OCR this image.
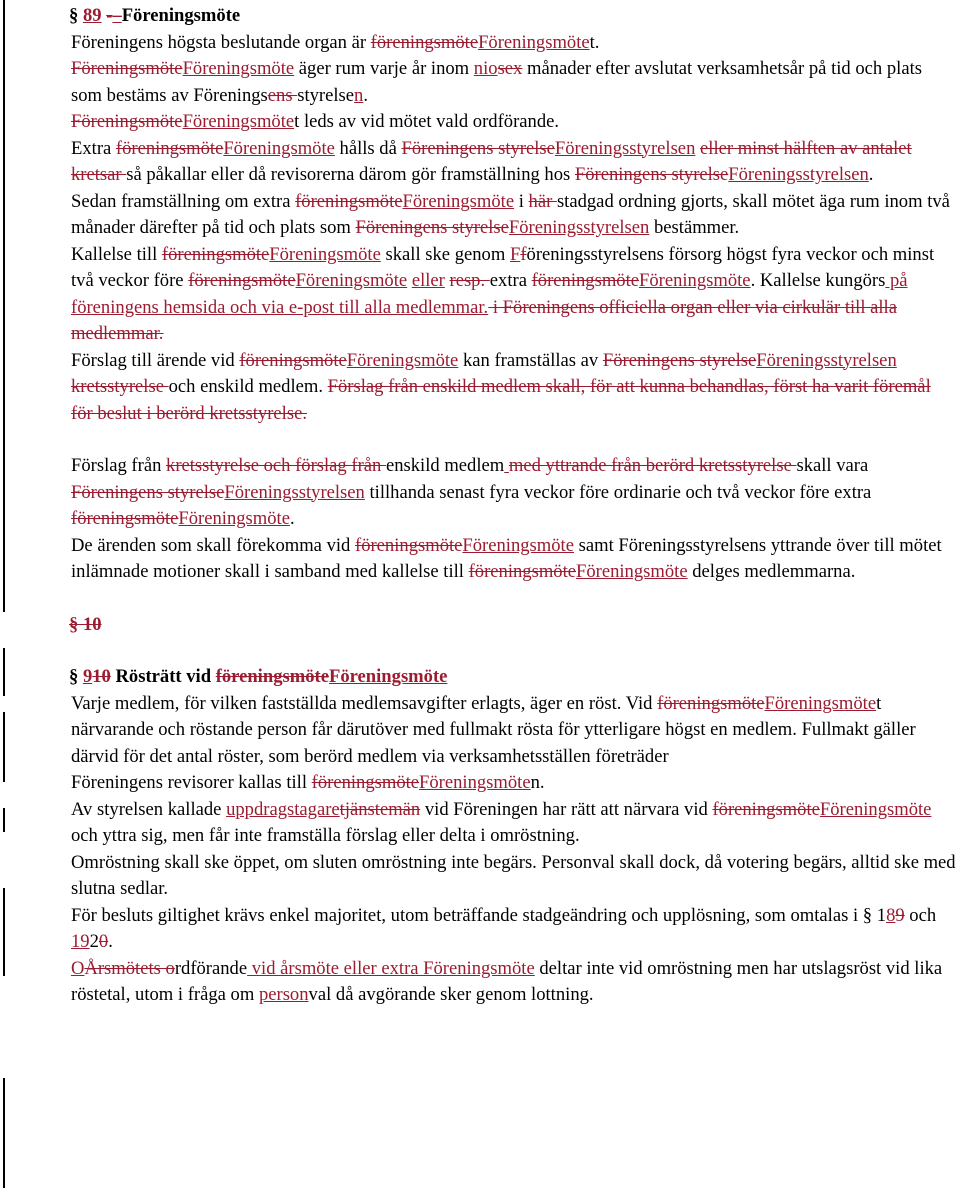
§ 89 -–Föreningsmöte

Föreningens högsta beslutande organ är föreningsmöteFöreningsmötet.

FöreningsmöteFöreningsmöte äger rum varje år inom niosex månader efter avslutat verksamhetsår på tid och plats som bestäms av Föreningsens styrelsen.

FöreningsmöteFöreningsmötet leds av vid mötet vald ordförande.

Extra föreningsmöteFöreningsmöte hålls då Föreningens styrelseFöreningsstyrelsen eller minst hälften av antalet kretsar så påkallar eller då revisorerna därom gör framställning hos Föreningens styrelseFöreningsstyrelsen.

Sedan framställning om extra föreningsmöteFöreningsmöte i här stadgad ordning gjorts, skall mötet äga rum inom två månader därefter på tid och plats som Föreningens styrelseFöreningsstyrelsen bestämmer.

Kallelse till föreningsmöteFöreningsmöte skall ske genom Fföreningsstyrelsens försorg högst fyra veckor och minst två veckor före föreningsmöteFöreningsmöte eller resp. extra föreningsmöteFöreningsmöte. Kallelse kungörs på föreningens hemsida och via e-post till alla medlemmar. i Föreningens officiella organ eller via cirkulär till alla medlemmar.

Förslag till ärende vid föreningsmöteFöreningsmöte kan framställas av Föreningens styrelseFöreningsstyrelsen kretsstyrelse och enskild medlem. Förslag från enskild medlem skall, för att kunna behandlas, först ha varit föremål för beslut i berörd kretsstyrelse.

Förslag från kretsstyrelse och förslag från enskild medlem med yttrande från berörd kretsstyrelse skall vara Föreningens styrelseFöreningsstyrelsen tillhanda senast fyra veckor före ordinarie och två veckor före extra föreningsmöteFöreningsmöte.

De ärenden som skall förekomma vid föreningsmöteFöreningsmöte samt Föreningsstyrelsens yttrande över till mötet inlämnade motioner skall i samband med kallelse till föreningsmöteFöreningsmöte delges medlemmarna.

§ 10

§ 910 Rösträtt vid föreningsmöteFöreningsmöte

Varje medlem, för vilken fastställda medlemsavgifter erlagts, äger en röst. Vid föreningsmöteFöreningsmötet närvarande och röstande person får därutöver med fullmakt rösta för ytterligare högst en medlem. Fullmakt gäller därvid för det antal röster, som berörd medlem via verksamhetsställen företräder

Föreningens revisorer kallas till föreningsmöteFöreningsmöten.

Av styrelsen kallade uppdragstagaretjänstemän vid Föreningen har rätt att närvara vid föreningsmöteFöreningsmöte och yttra sig, men får inte framställa förslag eller delta i omröstning.

Omröstning skall ske öppet, om sluten omröstning inte begärs. Personval skall dock, då votering begärs, alltid ske med slutna sedlar.

För besluts giltighet krävs enkel majoritet, utom beträffande stadgeändring och upplösning, som omtalas i § 189 och 1920.

OÅrsmötets ordförande vid årsmöte eller extra Föreningsmöte deltar inte vid omröstning men har utslagsröst vid lika röstetal, utom i fråga om personval då avgörande sker genom lottning.
